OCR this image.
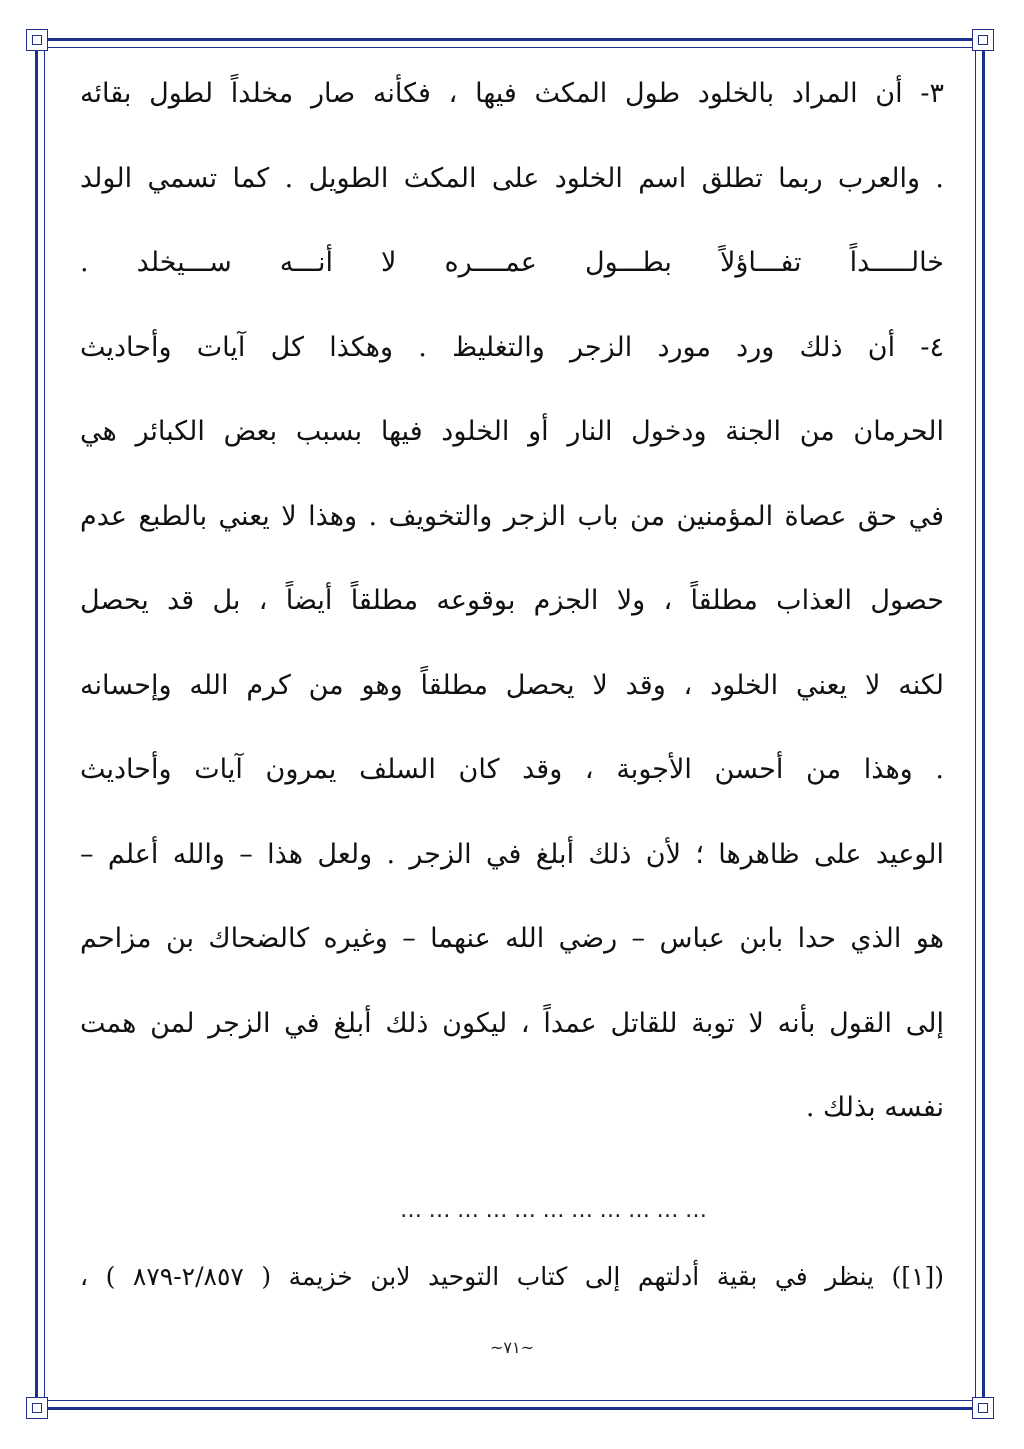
٣- أن المراد بالخلود طول المكث فيها ، فكأنه صار مخلداً لطول بقائه
. والعرب ربما تطلق اسم الخلود على المكث الطويل . كما تسمي الولد
خالـــــداً تفـــاؤلاً بطـــول عمــــره لا أنـــه ســـيخلد .
٤- أن ذلك ورد مورد الزجر والتغليظ . وهكذا كل آيات وأحاديث
الحرمان من الجنة ودخول النار أو الخلود فيها بسبب بعض الكبائر هي
في حق عصاة المؤمنين من باب الزجر والتخويف . وهذا لا يعني بالطبع عدم
حصول العذاب مطلقاً ، ولا الجزم بوقوعه مطلقاً أيضاً ، بل قد يحصل
لكنه لا يعني الخلود ، وقد لا يحصل مطلقاً وهو من كرم الله وإحسانه
. وهذا من أحسن الأجوبة ، وقد كان السلف يمرون آيات وأحاديث
الوعيد على ظاهرها ؛ لأن ذلك أبلغ في الزجر . ولعل هذا – والله أعلم –
هو الذي حدا بابن عباس – رضي الله عنهما – وغيره كالضحاك بن مزاحم
إلى القول بأنه لا توبة للقاتل عمداً ، ليكون ذلك أبلغ في الزجر لمن همت
نفسه بذلك .
……………………………
([١]) ينظر في بقية أدلتهم إلى كتاب التوحيد لابن خزيمة ( ٢/٨٥٧-٨٧٩ ) ،
~٧١~
